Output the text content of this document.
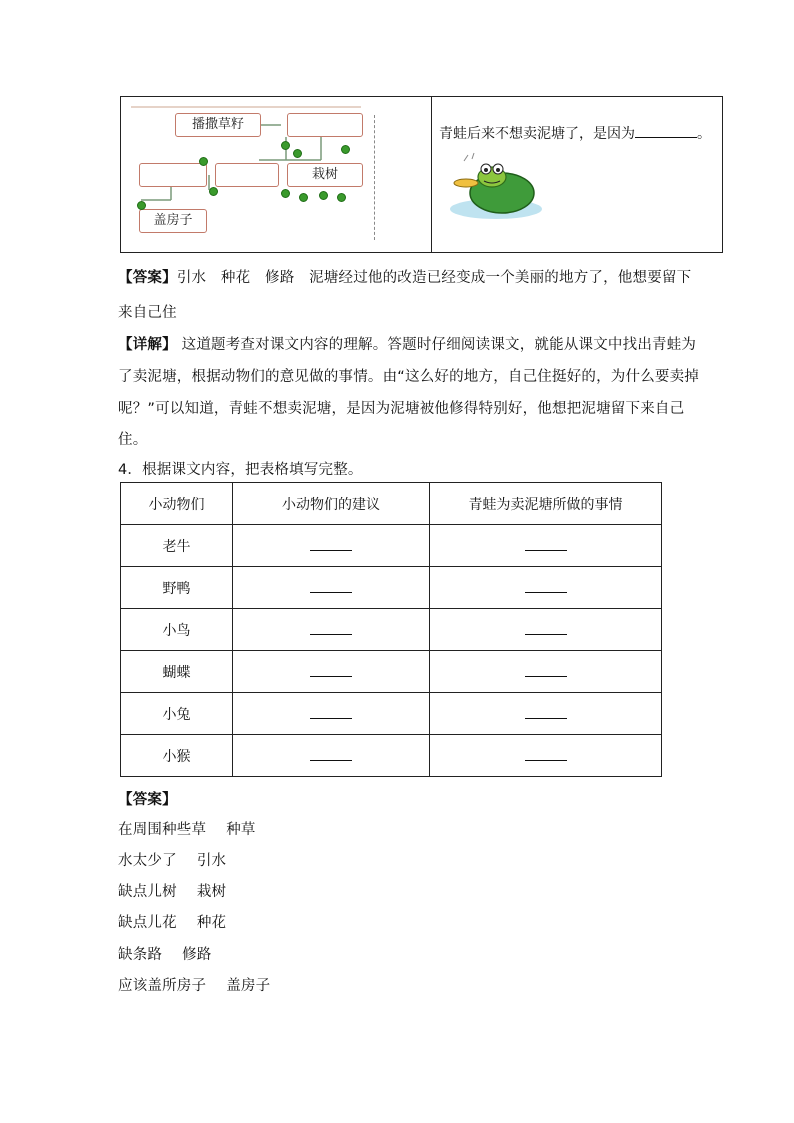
播撒草籽
栽树
盖房子
青蛙后来不想卖泥塘了，是因为	。
【答案】引水　种花　修路　泥塘经过他的改造已经变成一个美丽的地方了，他想要留下
来自己住
【详解】 这道题考查对课文内容的理解。答题时仔细阅读课文，就能从课文中找出青蛙为
了卖泥塘，根据动物们的意见做的事情。由“这么好的地方，自己住挺好的，为什么要卖掉
呢？”可以知道，青蛙不想卖泥塘，是因为泥塘被他修得特别好，他想把泥塘留下来自己
住。
4．根据课文内容，把表格填写完整。
小动物们	小动物们的建议	青蛙为卖泥塘所做的事情
老牛		
野鸭		
小鸟		
蝴蝶		
小兔		
小猴		
【答案】
在周围种些草 种草
水太少了 引水
缺点儿树 栽树
缺点儿花 种花
缺条路 修路
应该盖所房子 盖房子
